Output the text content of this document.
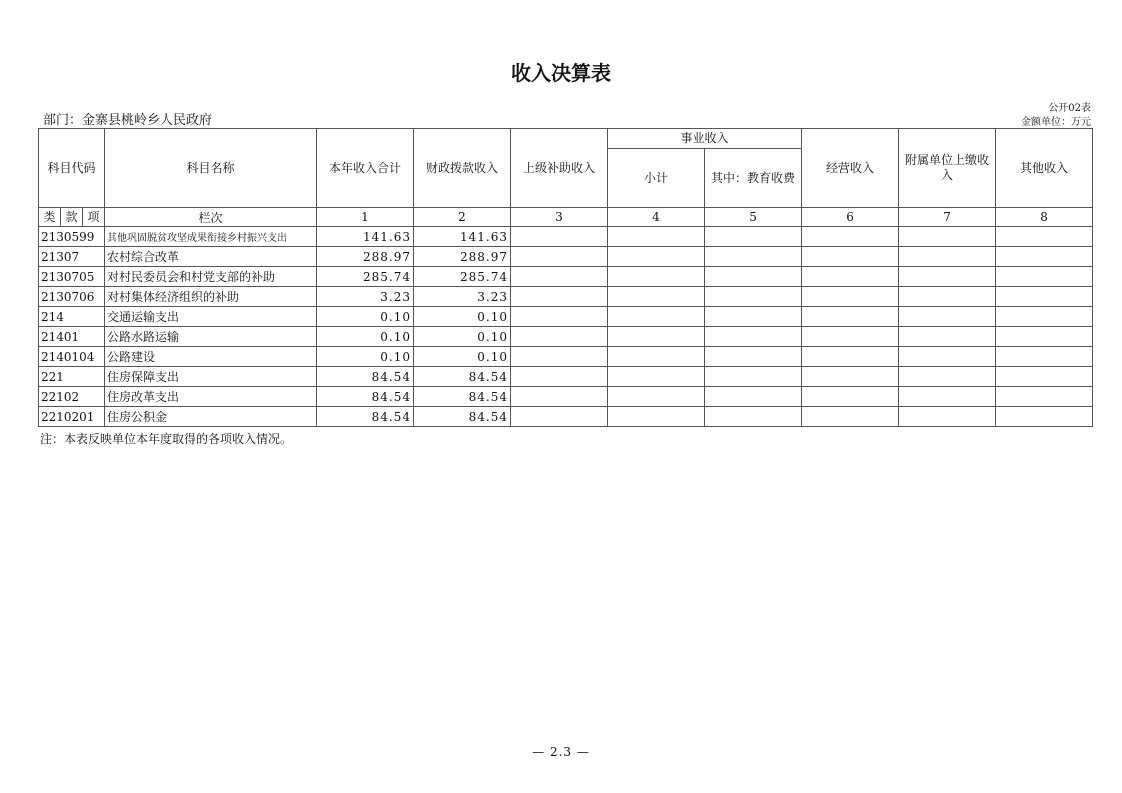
收入决算表
部门：金寨县桃岭乡人民政府
公开02表
金额单位：万元
科目代码	科目名称	本年收入合计	财政拨款收入	上级补助收入	事业收入		经营收入	附属单位上缴收入	其他收入
					小计	其中：教育收费			

类 款 项	栏次	1	2	3	4	5	6	7	8
2130599	其他巩固脱贫攻坚成果衔接乡村振兴支出	141.63	141.63						
21307	农村综合改革	288.97	288.97						
2130705	对村民委员会和村党支部的补助	285.74	285.74						
2130706	对村集体经济组织的补助	3.23	3.23						
214	交通运输支出	0.10	0.10						
21401	公路水路运输	0.10	0.10						
2140104	公路建设	0.10	0.10						
221	住房保障支出	84.54	84.54						
22102	住房改革支出	84.54	84.54						
2210201	住房公积金	84.54	84.54						
注：本表反映单位本年度取得的各项收入情况。
— 2.3 —
